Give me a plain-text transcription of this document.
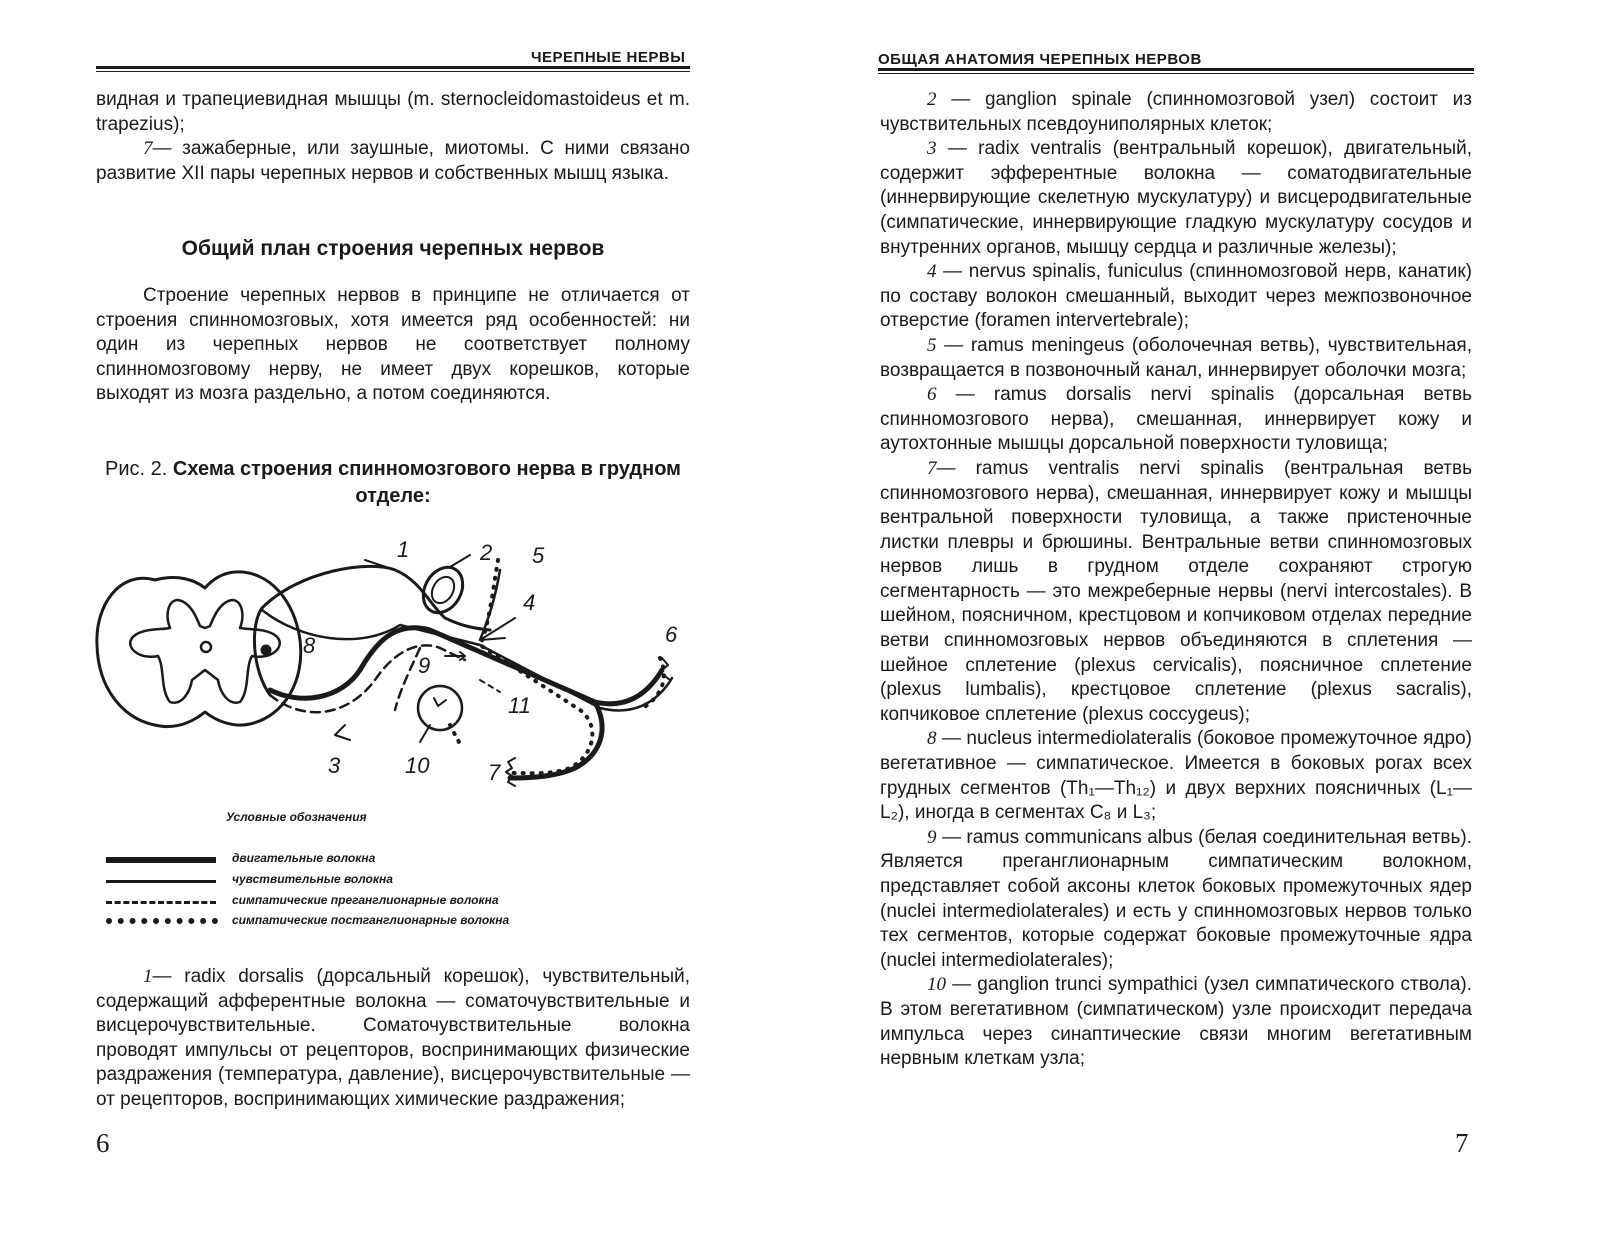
ЧЕРЕПНЫЕ НЕРВЫ

видная и трапециевидная мышцы (m. sternocleidomastoideus et m. trapezius);

7— зажаберные, или заушные, миотомы. С ними связано развитие XII пары черепных нервов и собственных мышц языка.

Общий план строения черепных нервов

Строение черепных нервов в принципе не отличается от строения спинномозговых, хотя имеется ряд особенностей: ни один из черепных нервов не соответствует полному спинномозговому нерву, не имеет двух корешков, которые выходят из мозга раздельно, а потом соединяются.

Рис. 2. Схема строения спинномозгового нерва в грудном отделе:
1	2 5
4
6
8
9
11
3	10	7
Условные обозначения
двигательные волокна
чувствительные волокна
симпатические преганглионарные волокна
симпатические постганглионарные волокна

1— radix dorsalis (дорсальный корешок), чувствительный, содержащий афферентные волокна — соматочувствительные и висцерочувствительные. Соматочувствительные волокна проводят импульсы от рецепторов, воспринимающих физические раздражения (температура, давление), висцерочувствительные — от рецепторов, воспринимающих химические раздражения;

6
ОБЩАЯ АНАТОМИЯ ЧЕРЕПНЫХ НЕРВОВ

2 — ganglion spinale (спинномозговой узел) состоит из чувствительных псевдоуниполярных клеток;

3 — radix ventralis (вентральный корешок), двигательный, содержит эфферентные волокна — соматодвигательные (иннервирующие скелетную мускулатуру) и висцеродвигательные (симпатические, иннервирующие гладкую мускулатуру сосудов и внутренних органов, мышцу сердца и различные железы);

4 — nervus spinalis, funiculus (спинномозговой нерв, канатик) по составу волокон смешанный, выходит через межпозвоночное отверстие (foramen intervertebrale);

5 — ramus meningeus (оболочечная ветвь), чувствительная, возвращается в позвоночный канал, иннервирует оболочки мозга;

6 — ramus dorsalis nervi spinalis (дорсальная ветвь спинномозгового нерва), смешанная, иннервирует кожу и аутохтонные мышцы дорсальной поверхности туловища;

7— ramus ventralis nervi spinalis (вентральная ветвь спинномозгового нерва), смешанная, иннервирует кожу и мышцы вентральной поверхности туловища, а также пристеночные листки плевры и брюшины. Вентральные ветви спинномозговых нервов лишь в грудном отделе сохраняют строгую сегментарность — это межреберные нервы (nervi intercostales). В шейном, поясничном, крестцовом и копчиковом отделах передние ветви спинномозговых нервов объединяются в сплетения — шейное сплетение (plexus cervicalis), поясничное сплетение (plexus lumbalis), крестцовое сплетение (plexus sacralis), копчиковое сплетение (plexus coccygeus);

8 — nucleus intermediolateralis (боковое промежуточное ядро) вегетативное — симпатическое. Имеется в боковых рогах всех грудных сегментов (Th₁—Th₁₂) и двух верхних поясничных (L₁—L₂), иногда в сегментах C₈ и L₃;

9 — ramus communicans albus (белая соединительная ветвь). Является преганглионарным симпатическим волокном, представляет собой аксоны клеток боковых промежуточных ядер (nuclei intermediolaterales) и есть у спинномозговых нервов только тех сегментов, которые содержат боковые промежуточные ядра (nuclei intermediolaterales);

10 — ganglion trunci sympathici (узел симпатического ствола). В этом вегетативном (симпатическом) узле происходит передача импульса через синаптические связи многим вегетативным нервным клеткам узла;

7
